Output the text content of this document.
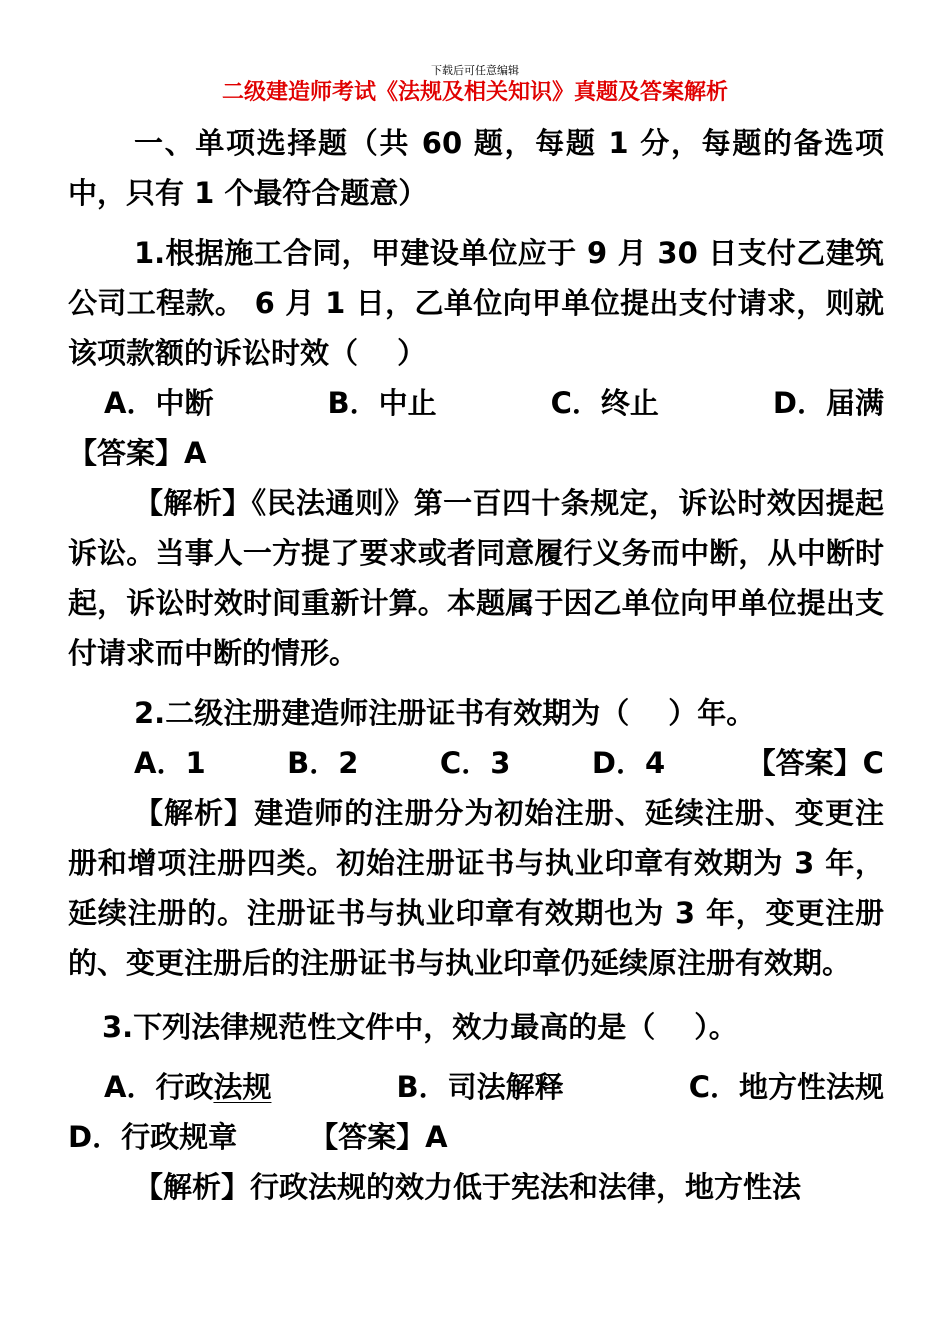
下载后可任意编辑
二级建造师考试《法规及相关知识》真题及答案解析

一、单项选择题（共 60 题，每题 1 分，每题的备选项中，只有 1 个最符合题意）

1.根据施工合同，甲建设单位应于 9 月 30 日支付乙建筑公司工程款。 6 月 1 日，乙单位向甲单位提出支付请求，则就该项款额的诉讼时效（　 ）

A．中断	B．中止	C．终止	D．届满

【答案】A

【解析】《民法通则》第一百四十条规定，诉讼时效因提起诉讼。当事人一方提了要求或者同意履行义务而中断，从中断时起，诉讼时效时间重新计算。本题属于因乙单位向甲单位提出支付请求而中断的情形。

2.二级注册建造师注册证书有效期为（　 ）年。

A．1	B．2	C．3	D．4	【答案】C

【解析】建造师的注册分为初始注册、延续注册、变更注册和增项注册四类。初始注册证书与执业印章有效期为 3 年，延续注册的。注册证书与执业印章有效期也为 3 年，变更注册的、变更注册后的注册证书与执业印章仍延续原注册有效期。

3.下列法律规范性文件中，效力最高的是（　 ）。

A．行政法规	B．司法解释	C．地方性法规
D．行政规章 【答案】A

【解析】行政法规的效力低于宪法和法律，地方性法
